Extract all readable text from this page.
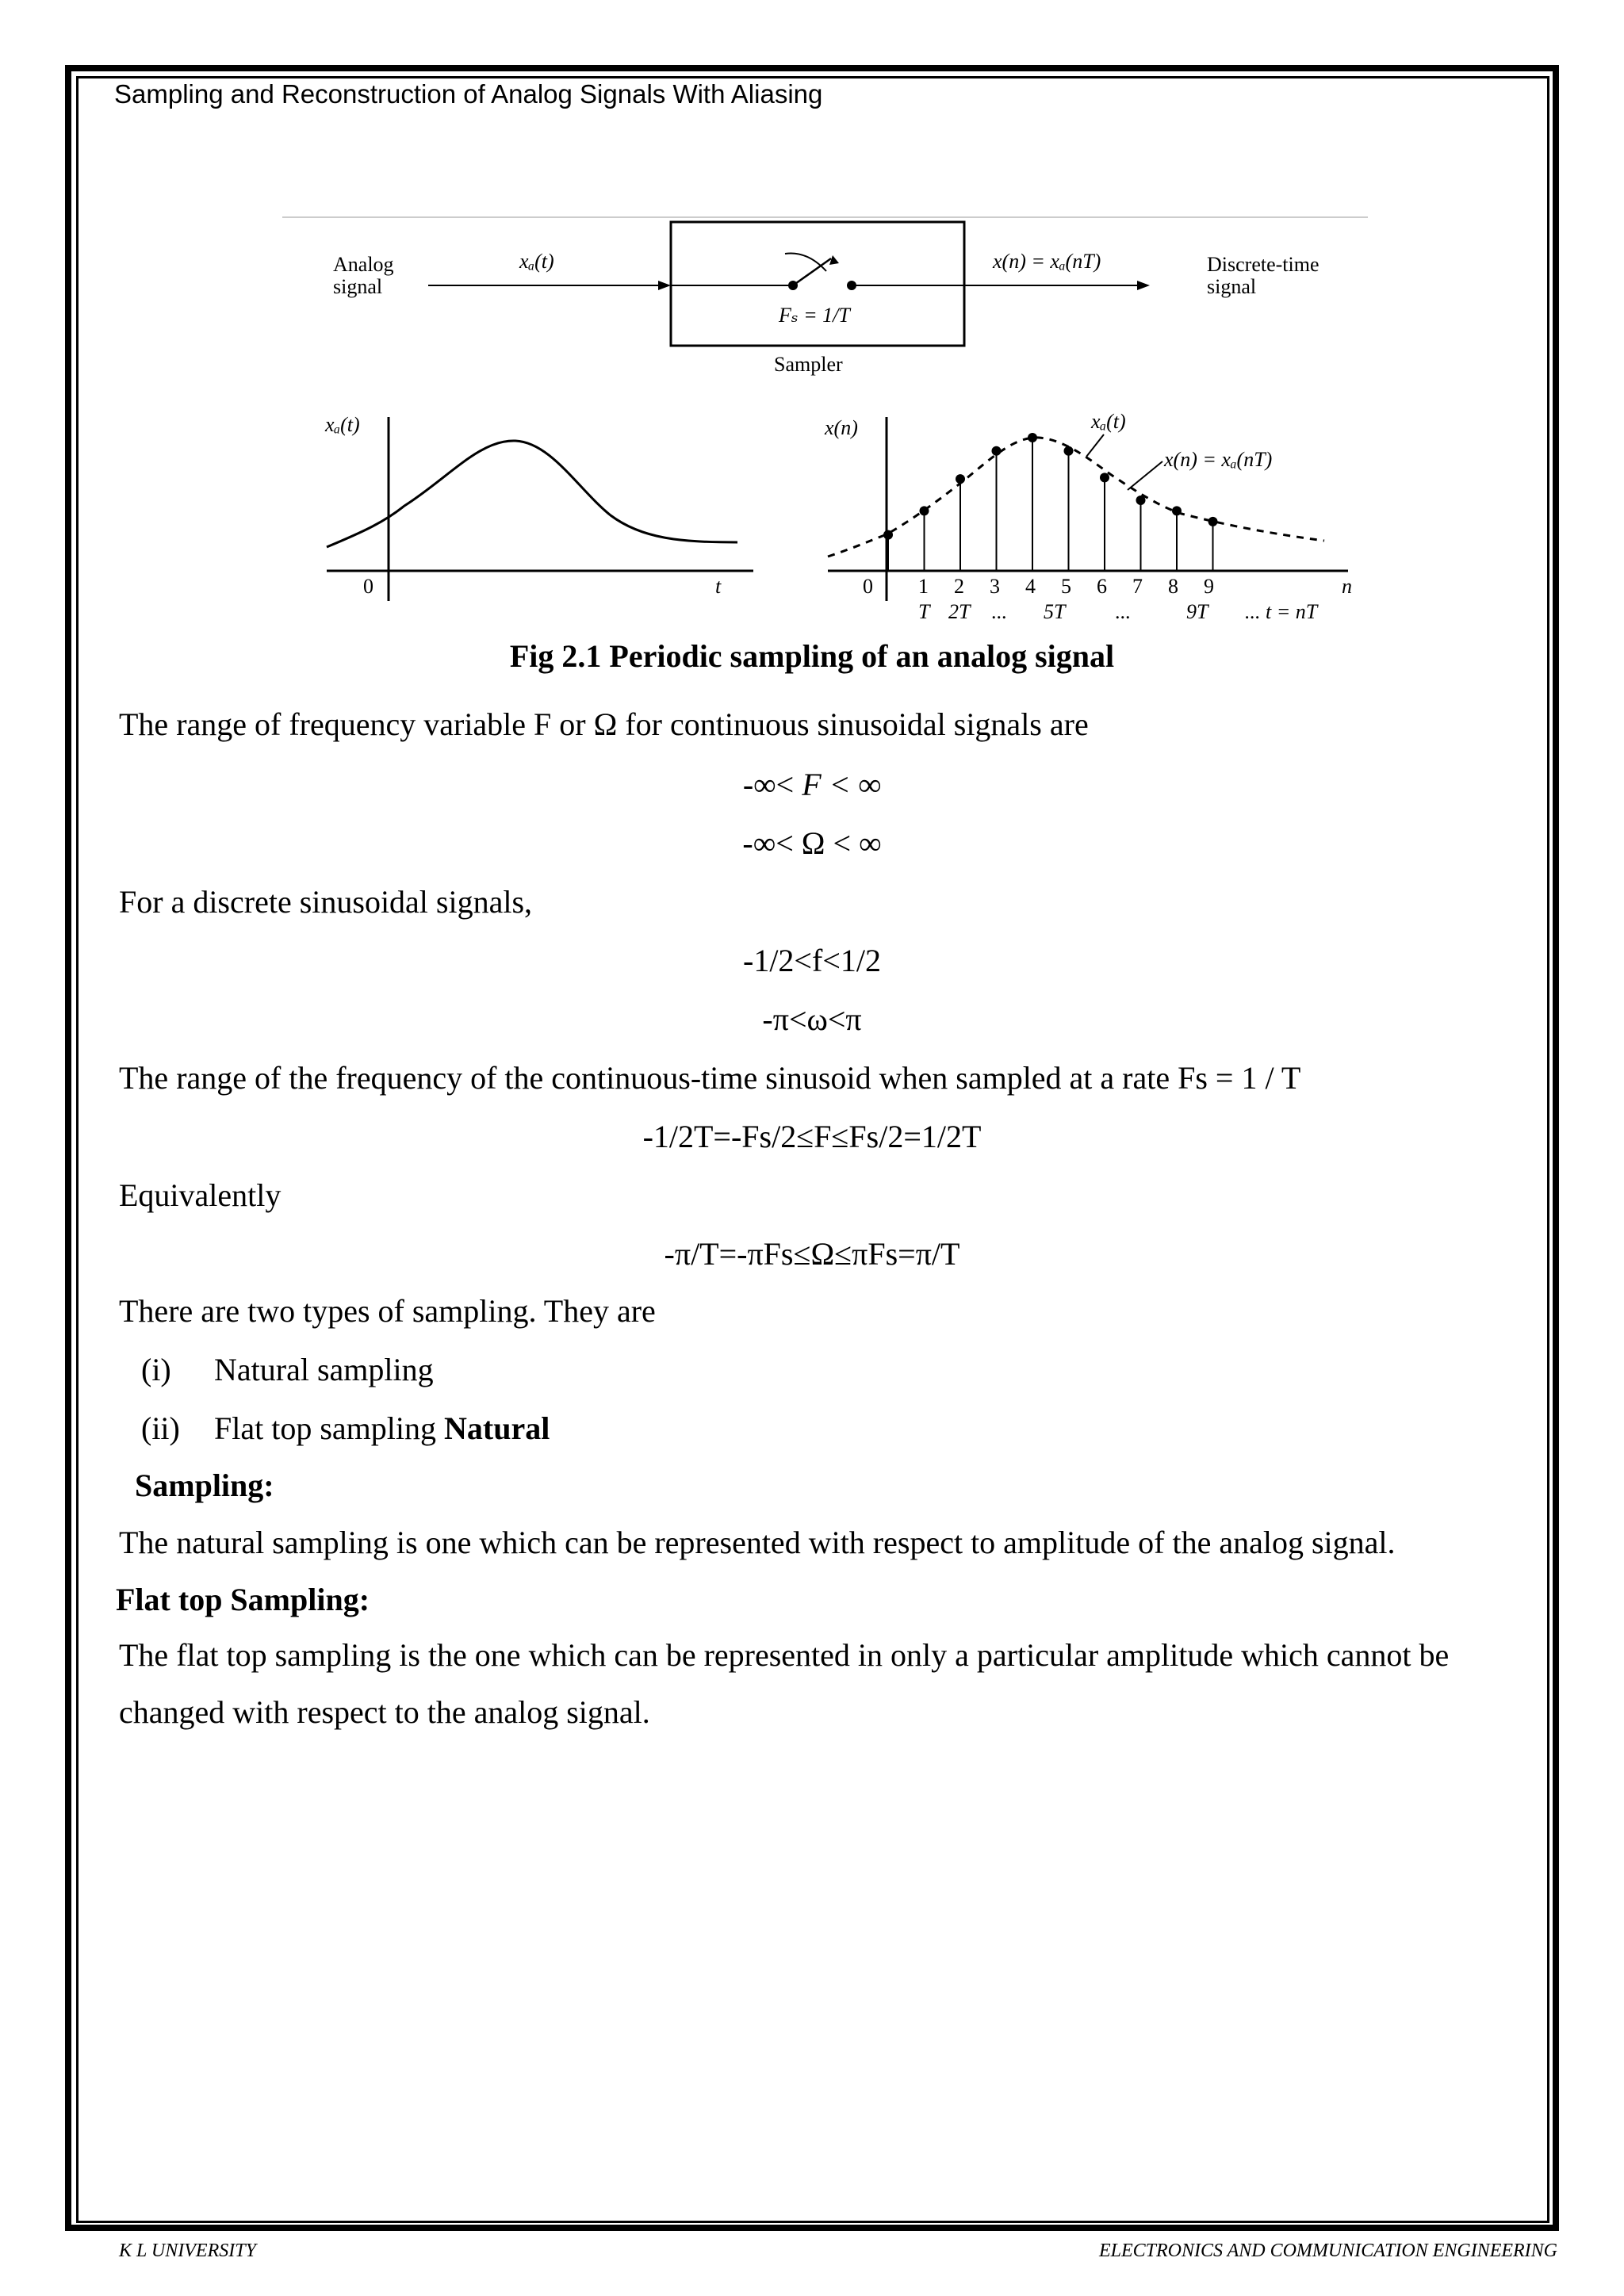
Sampling and Reconstruction of Analog Signals With Aliasing
Analog
signal
xₐ(t)
Fₛ = 1/T
Sampler
x(n) = xₐ(nT)	Discrete-time
signal
xₐ(t)
0	t
x(n)
0	n
1 2 3 4 5 6 7 8 9
T 2T ... 5T ...	9T ... t = nT
xₐ(t)
x(n) = xₐ(nT)
Fig 2.1 Periodic sampling of an analog signal
The range of frequency variable F or Ω for continuous sinusoidal signals are
-∞< F < ∞
-∞< Ω < ∞
For a discrete sinusoidal signals,
-1/2<f<1/2
-π<ω<π
The range of the frequency of the continuous-time sinusoid when sampled at a rate Fs = 1 / T
-1/2T=-Fs/2≤F≤Fs/2=1/2T
Equivalently
-π/T=-πFs≤Ω≤πFs=π/T
There are two types of sampling. They are
(i) Natural sampling
(ii) Flat top sampling Natural
Sampling:
The natural sampling is one which can be represented with respect to amplitude of the analog signal.
Flat top Sampling:
The flat top sampling is the one which can be represented in only a particular amplitude which cannot be
changed with respect to the analog signal.
K L UNIVERSITY	ELECTRONICS AND COMMUNICATION ENGINEERING
